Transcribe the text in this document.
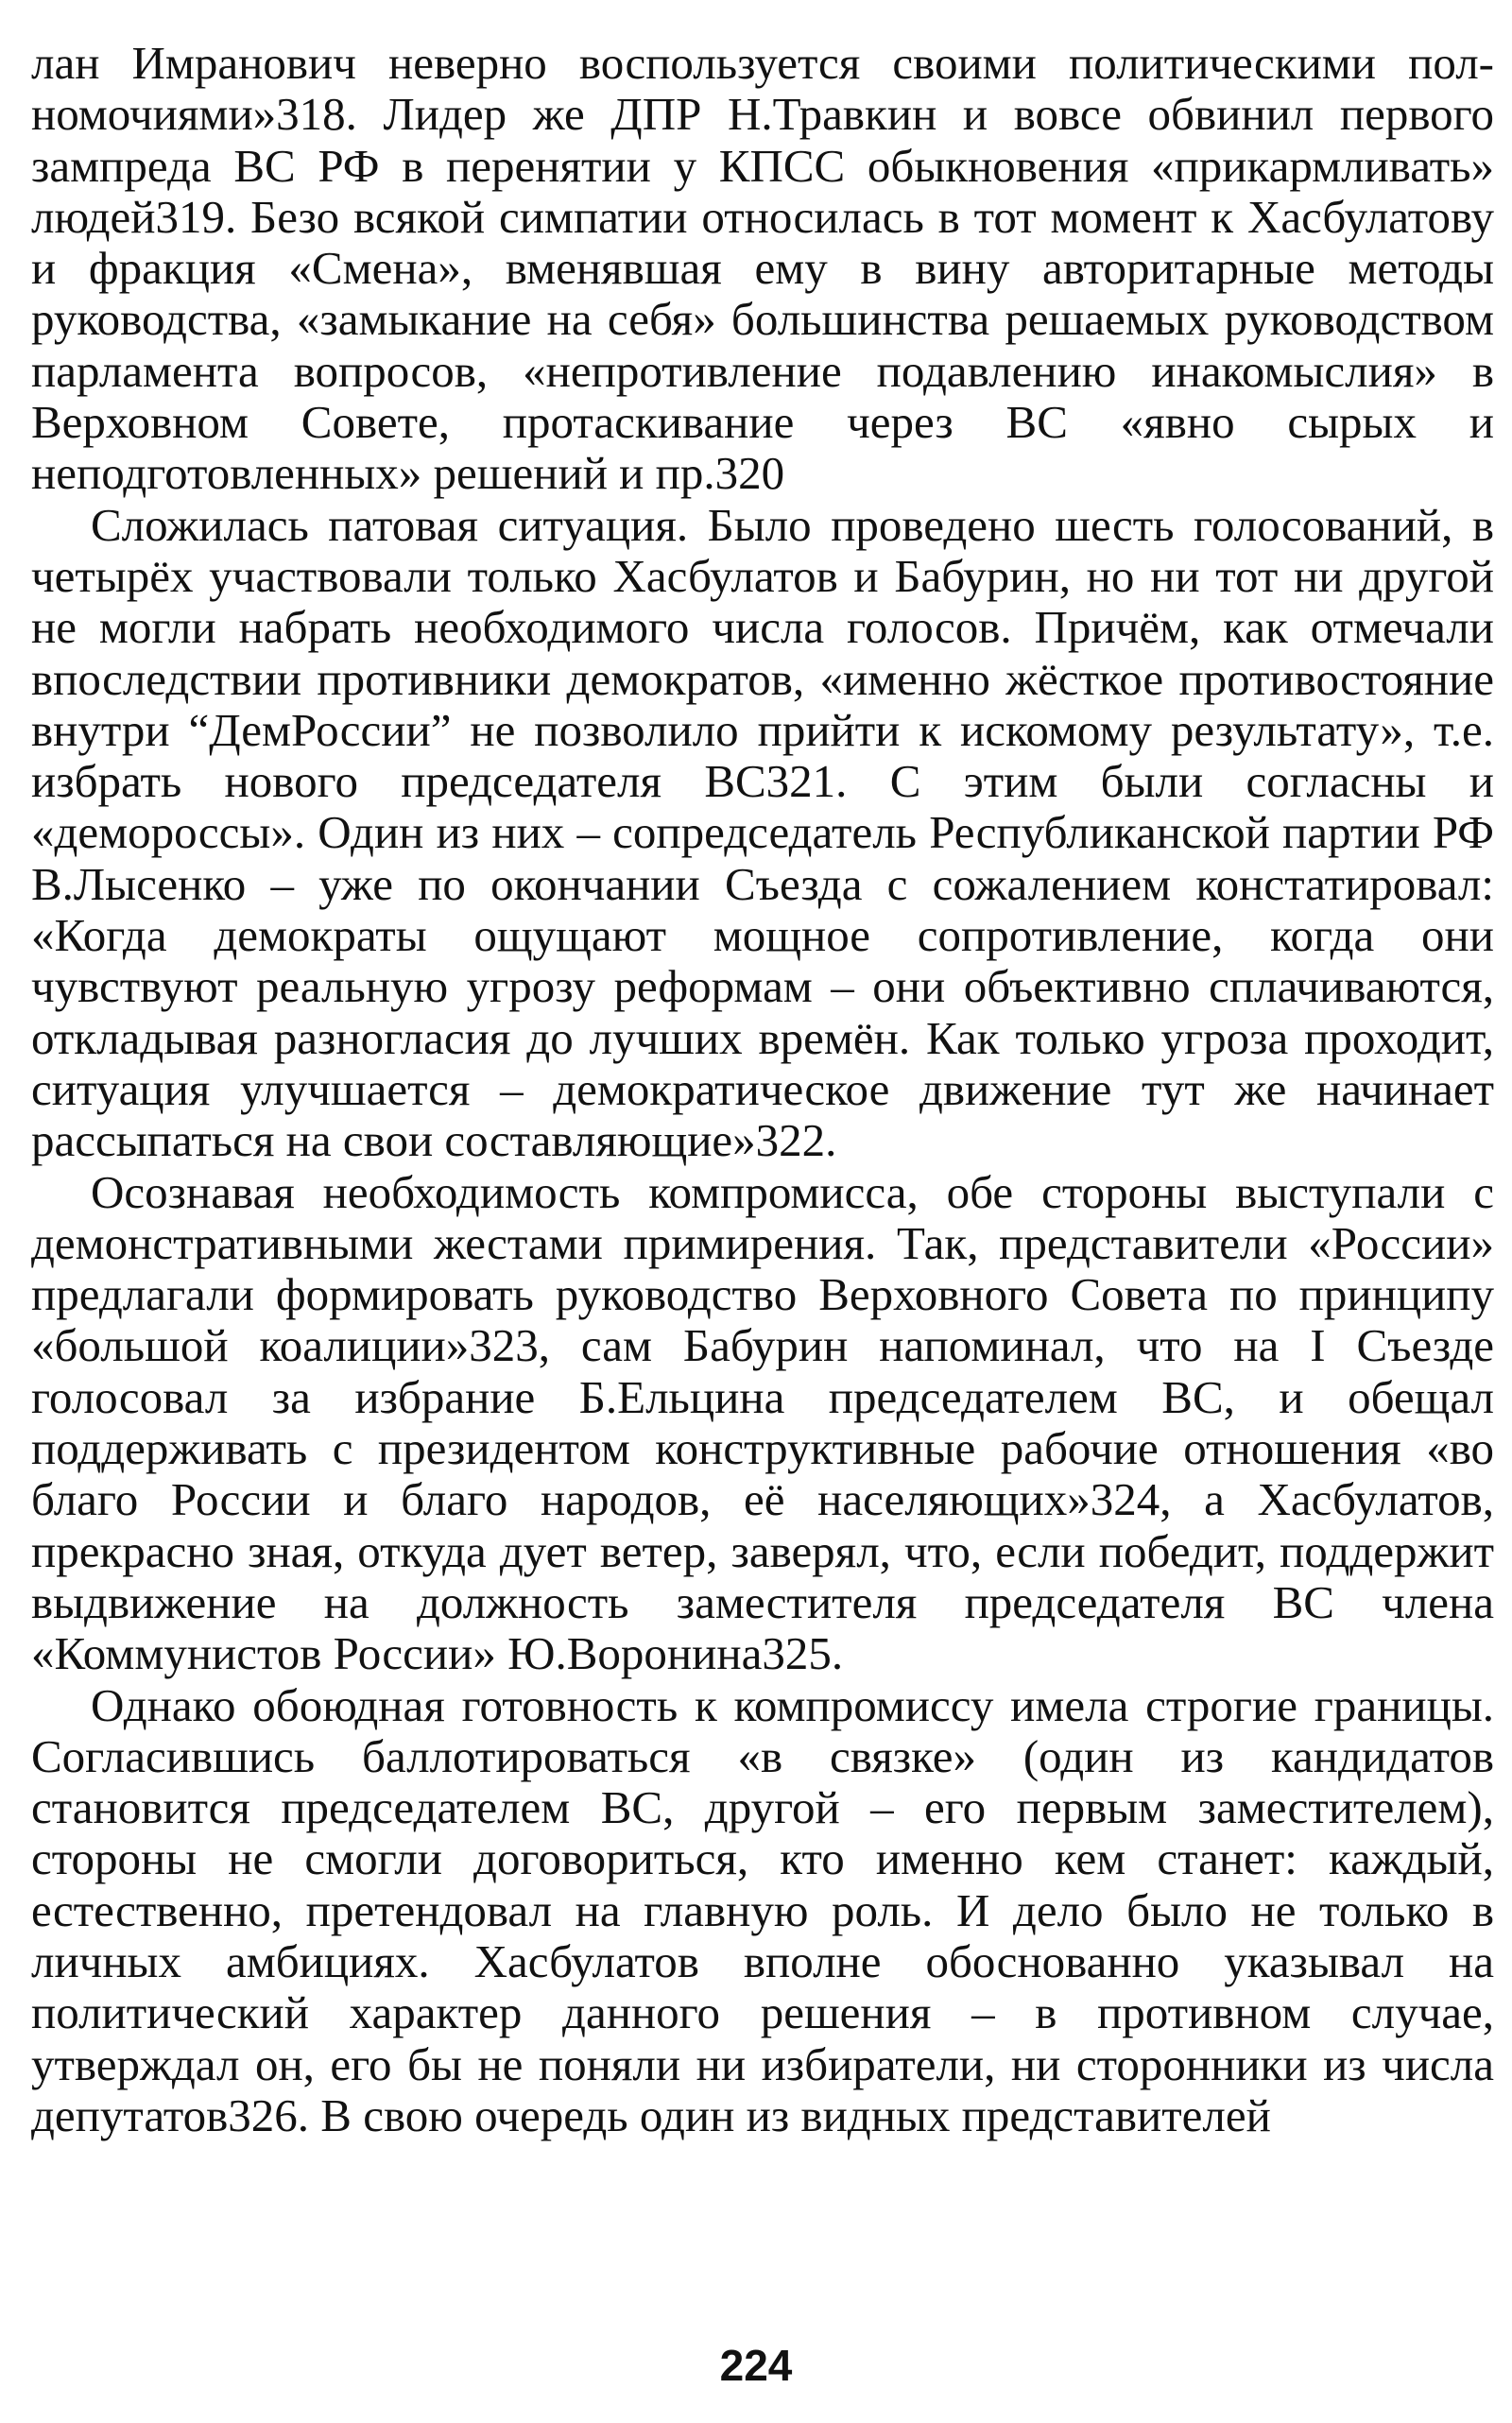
лан Имранович неверно воспользуется своими политическими полномочиями»318. Лидер же ДПР Н.Травкин и вовсе обвинил первого зампреда ВС РФ в перенятии у КПСС обыкновения «прикармливать» людей319. Безо всякой симпатии относилась в тот момент к Хасбулатову и фракция «Смена», вменявшая ему в вину авторитарные методы руководства, «замыкание на себя» большинства решаемых руководством парламента вопросов, «непротивление подавлению инакомыслия» в Верховном Совете, протаскивание через ВС «явно сырых и неподготовленных» решений и пр.320

Сложилась патовая ситуация. Было проведено шесть голосований, в четырёх участвовали только Хасбулатов и Бабурин, но ни тот ни другой не могли набрать необходимого числа голосов. Причём, как отмечали впоследствии противники демократов, «именно жёсткое противостояние внутри “ДемРоссии” не позволило прийти к искомому результату», т.е. избрать нового председателя ВС321. С этим были согласны и «демороссы». Один из них – сопредседатель Республиканской партии РФ В.Лысенко – уже по окончании Съезда с сожалением констатировал: «Когда демократы ощущают мощное сопротивление, когда они чувствуют реальную угрозу реформам – они объективно сплачиваются, откладывая разногласия до лучших времён. Как только угроза проходит, ситуация улучшается – демократическое движение тут же начинает рассыпаться на свои составляющие»322.

Осознавая необходимость компромисса, обе стороны выступали с демонстративными жестами примирения. Так, представители «России» предлагали формировать руководство Верховного Совета по принципу «большой коалиции»323, сам Бабурин напоминал, что на I Съезде голосовал за избрание Б.Ельцина председателем ВС, и обещал поддерживать с президентом конструктивные рабочие отношения «во благо России и благо народов, её населяющих»324, а Хасбулатов, прекрасно зная, откуда дует ветер, заверял, что, если победит, поддержит выдвижение на должность заместителя председателя ВС члена «Коммунистов России» Ю.Воронина325.

Однако обоюдная готовность к компромиссу имела строгие границы. Согласившись баллотироваться «в связке» (один из кандидатов становится председателем ВС, другой – его первым заместителем), стороны не смогли договориться, кто именно кем станет: каждый, естественно, претендовал на главную роль. И дело было не только в личных амбициях. Хасбулатов вполне обоснованно указывал на политический характер данного решения – в противном случае, утверждал он, его бы не поняли ни избиратели, ни сторонники из числа депутатов326. В свою очередь один из видных представителей

224
